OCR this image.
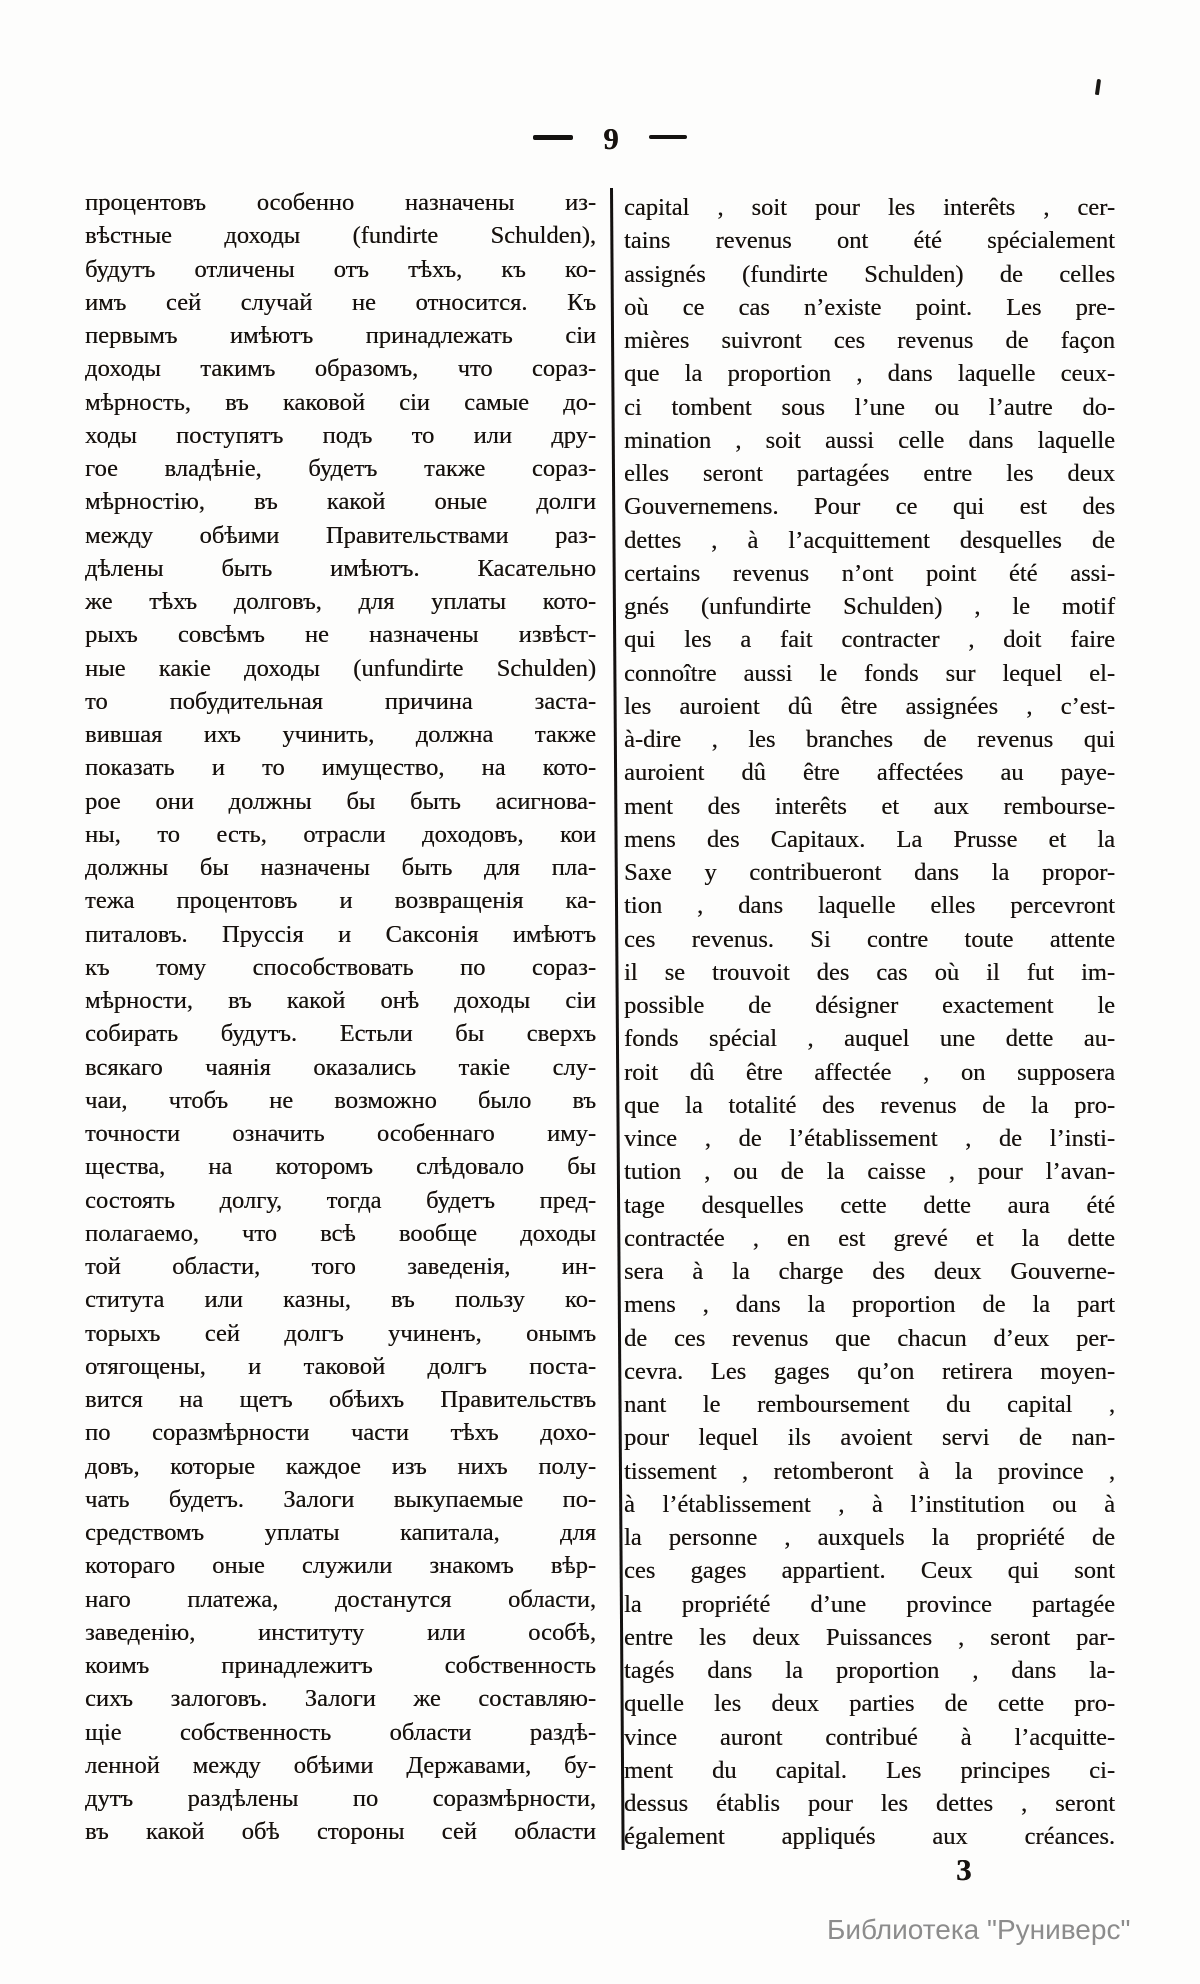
9
процентовъ особенно назначены из-
вѣстные доходы (fundirte Schulden),
будутъ отличены отъ тѣхъ, къ ко-
имъ сей случай не относится. Къ
первымъ имѣютъ принадлежать сіи
доходы такимъ образомъ, что сораз-
мѣрность, въ каковой сіи самые до-
ходы поступятъ подъ то или дру-
гое владѣніе, будетъ также сораз-
мѣрностію, въ какой оные долги
между обѣими Правительствами раз-
дѣлены быть имѣютъ. Касательно
же тѣхъ долговъ, для уплаты кото-
рыхъ совсѣмъ не назначены извѣст-
ные какіе доходы (unfundirte Schulden)
то побудительная причина заста-
вившая ихъ учинить, должна также
показать и то имущество, на кото-
рое они должны бы быть асигнова-
ны, то есть, отрасли доходовъ, кои
должны бы назначены быть для пла-
тежа процентовъ и возвращенія ка-
питаловъ. Пруссія и Саксонія имѣютъ
къ тому способствовать по сораз-
мѣрности, въ какой онѣ доходы сіи
собирать будутъ. Естьли бы сверхъ
всякаго чаянія оказались такіе слу-
чаи, чтобъ не возможно было въ
точности означить особеннаго иму-
щества, на которомъ слѣдовало бы
состоять долгу, тогда будетъ пред-
полагаемо, что всѣ вообще доходы
той области, того заведенія, ин-
ститута или казны, въ пользу ко-
торыхъ сей долгъ учиненъ, онымъ
отягощены, и таковой долгъ поста-
вится на щетъ обѣихъ Правительствъ
по соразмѣрности части тѣхъ дохо-
довъ, которые каждое изъ нихъ полу-
чать будетъ. Залоги выкупаемые по-
средствомъ уплаты капитала, для
котораго оные служили знакомъ вѣр-
наго платежа, достанутся области,
заведенію, институту или особѣ,
коимъ принадлежитъ собственность
сихъ залоговъ. Залоги же составляю-
щіе собственность области раздѣ-
ленной между обѣими Державами, бу-
дутъ раздѣлены по соразмѣрности,
въ какой обѣ стороны сей области
capital , soit pour les interêts , cer-
tains revenus ont été spécialement
assignés (fundirte Schulden) de celles
où ce cas n’existe point. Les pre-
mières suivront ces revenus de façon
que la proportion , dans laquelle ceux-
ci tombent sous l’une ou l’autre do-
mination , soit aussi celle dans laquelle
elles seront partagées entre les deux
Gouvernemens. Pour ce qui est des
dettes , à l’acquittement desquelles de
certains revenus n’ont point été assi-
gnés (unfundirte Schulden) , le motif
qui les a fait contracter , doit faire
connoître aussi le fonds sur lequel el-
les auroient dû être assignées , c’est-
à-dire , les branches de revenus qui
auroient dû être affectées au paye-
ment des interêts et aux rembourse-
mens des Capitaux. La Prusse et la
Saxe y contribueront dans la propor-
tion , dans laquelle elles percevront
ces revenus. Si contre toute attente
il se trouvoit des cas où il fut im-
possible de désigner exactement le
fonds spécial , auquel une dette au-
roit dû être affectée , on supposera
que la totalité des revenus de la pro-
vince , de l’établissement , de l’insti-
tution , ou de la caisse , pour l’avan-
tage desquelles cette dette aura été
contractée , en est grevé et la dette
sera à la charge des deux Gouverne-
mens , dans la proportion de la part
de ces revenus que chacun d’eux per-
cevra. Les gages qu’on retirera moyen-
nant le remboursement du capital ,
pour lequel ils avoient servi de nan-
tissement , retomberont à la province ,
à l’établissement , à l’institution ou à
la personne , auxquels la propriété de
ces gages appartient. Ceux qui sont
la propriété d’une province partagée
entre les deux Puissances , seront par-
tagés dans la proportion , dans la-
quelle les deux parties de cette pro-
vince auront contribué à l’acquitte-
ment du capital. Les principes ci-
dessus établis pour les dettes , seront
également appliqués aux créances.
3
Библиотека "Руниверс"
